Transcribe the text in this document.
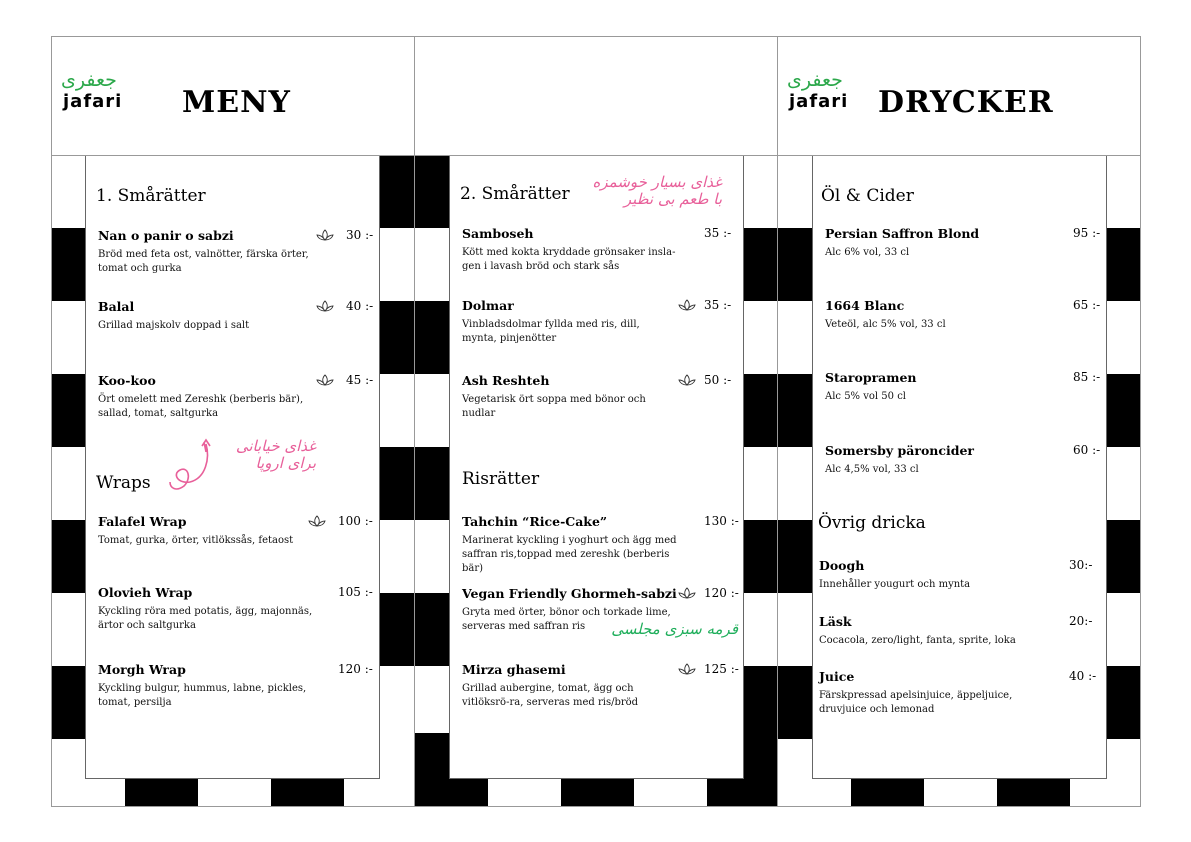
جعفری
jafari MENY
جعفری
jafari DRYCKER
1. Smårätter
Nan o panir o sabzi
Bröd med feta ost, valnötter, färska örter, tomat och gurka
30 :-
Balal
Grillad majskolv doppad i salt
40 :-
Koo-koo
Ört omelett med Zereshk (berberis bär), sallad, tomat, saltgurka
45 :-
Wraps
غذای خیابانی برای اروپا
Falafel Wrap
Tomat, gurka, örter, vitlökssås, fetaost
100 :-
Olovieh Wrap
Kyckling röra med potatis, ägg, majonnäs, ärtor och saltgurka
105 :-
Morgh Wrap
Kyckling bulgur, hummus, labne, pickles, tomat, persilja
120 :-
2. Smårätter
غذای بسیار خوشمزه با طعم بی نظیر
Samboseh
Kött med kokta kryddade grönsaker insla-gen i lavash bröd och stark sås
35 :-
Dolmar
Vinbladsdolmar fyllda med ris, dill, mynta, pinjenötter
35 :-
Ash Reshteh
Vegetarisk ört soppa med bönor och nudlar
50 :-
Risrätter
Tahchin “Rice-Cake”
Marinerat kyckling i yoghurt och ägg med saffran ris,toppad med zereshk (berberis bär)
130 :-
Vegan Friendly Ghormeh-sabzi
Gryta med örter, bönor och torkade lime, serveras med saffran ris
120 :-
قرمه سبزی مجلسی
Mirza ghasemi
Grillad aubergine, tomat, ägg och vitlöksrö-ra, serveras med ris/bröd
125 :-
Öl & Cider
Persian Saffron Blond
Alc 6% vol, 33 cl
95 :-
1664 Blanc
Veteöl, alc 5% vol, 33 cl
65 :-
Staropramen
Alc 5% vol 50 cl
85 :-
Somersby päroncider
Alc 4,5% vol, 33 cl
60 :-
Övrig dricka
Doogh
Innehåller yougurt och mynta
30:-
Läsk
Cocacola, zero/light, fanta, sprite, loka
20:-
Juice
Färskpressad apelsinjuice, äppeljuice, druvjuice och lemonad
40 :-
